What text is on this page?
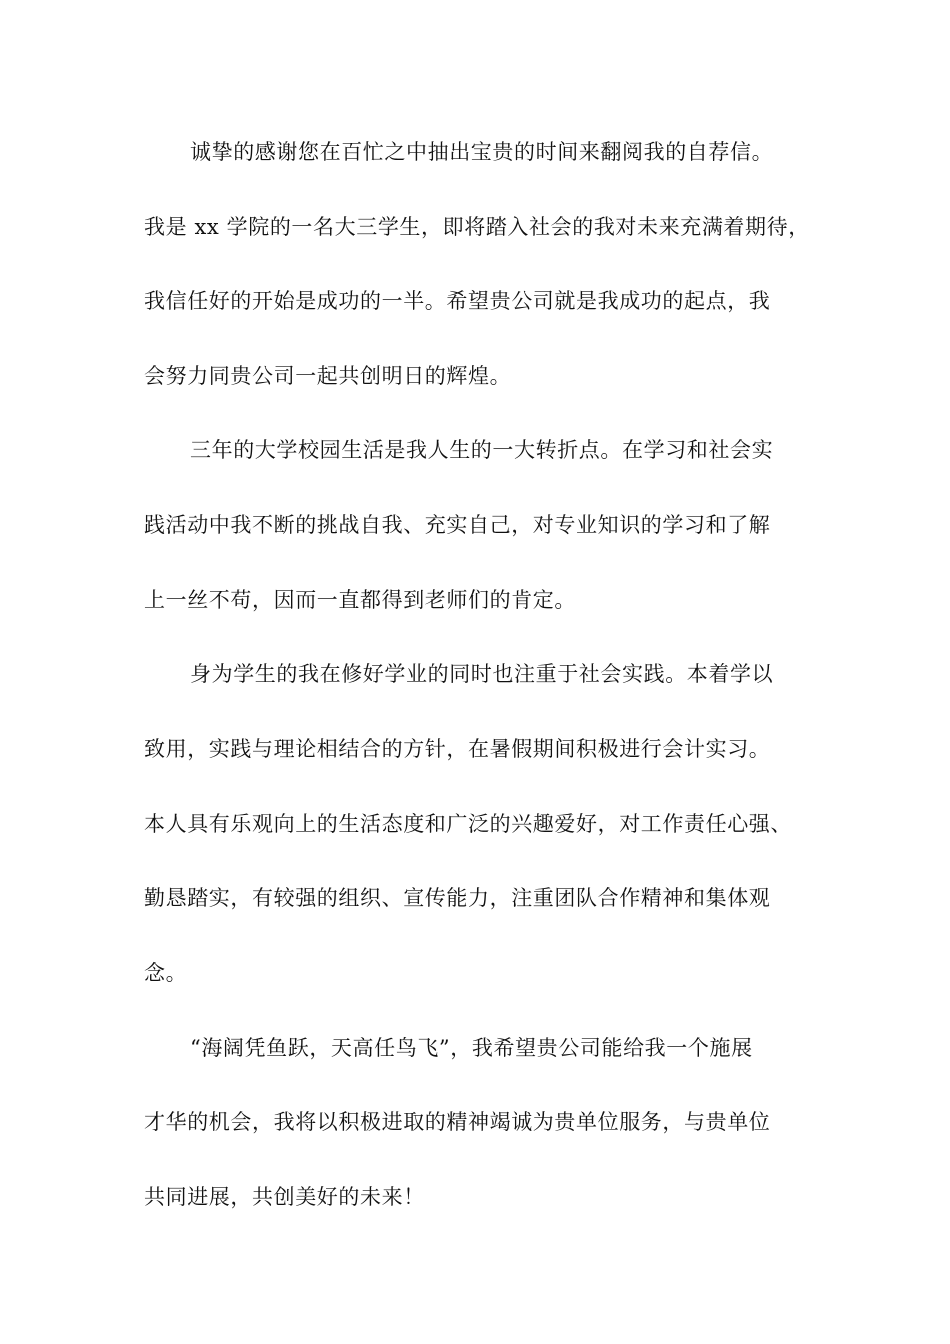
诚挚的感谢您在百忙之中抽出宝贵的时间来翻阅我的自荐信。
我是 xx 学院的一名大三学生，即将踏入社会的我对未来充满着期待，
我信任好的开始是成功的一半。希望贵公司就是我成功的起点，我
会努力同贵公司一起共创明日的辉煌。
三年的大学校园生活是我人生的一大转折点。在学习和社会实
践活动中我不断的挑战自我、充实自己，对专业知识的学习和了解
上一丝不苟，因而一直都得到老师们的肯定。
身为学生的我在修好学业的同时也注重于社会实践。本着学以
致用，实践与理论相结合的方针，在暑假期间积极进行会计实习。
本人具有乐观向上的生活态度和广泛的兴趣爱好，对工作责任心强、
勤恳踏实，有较强的组织、宣传能力，注重团队合作精神和集体观
念。
“海阔凭鱼跃，天高任鸟飞”，我希望贵公司能给我一个施展
才华的机会，我将以积极进取的精神竭诚为贵单位服务，与贵单位
共同进展，共创美好的未来！
